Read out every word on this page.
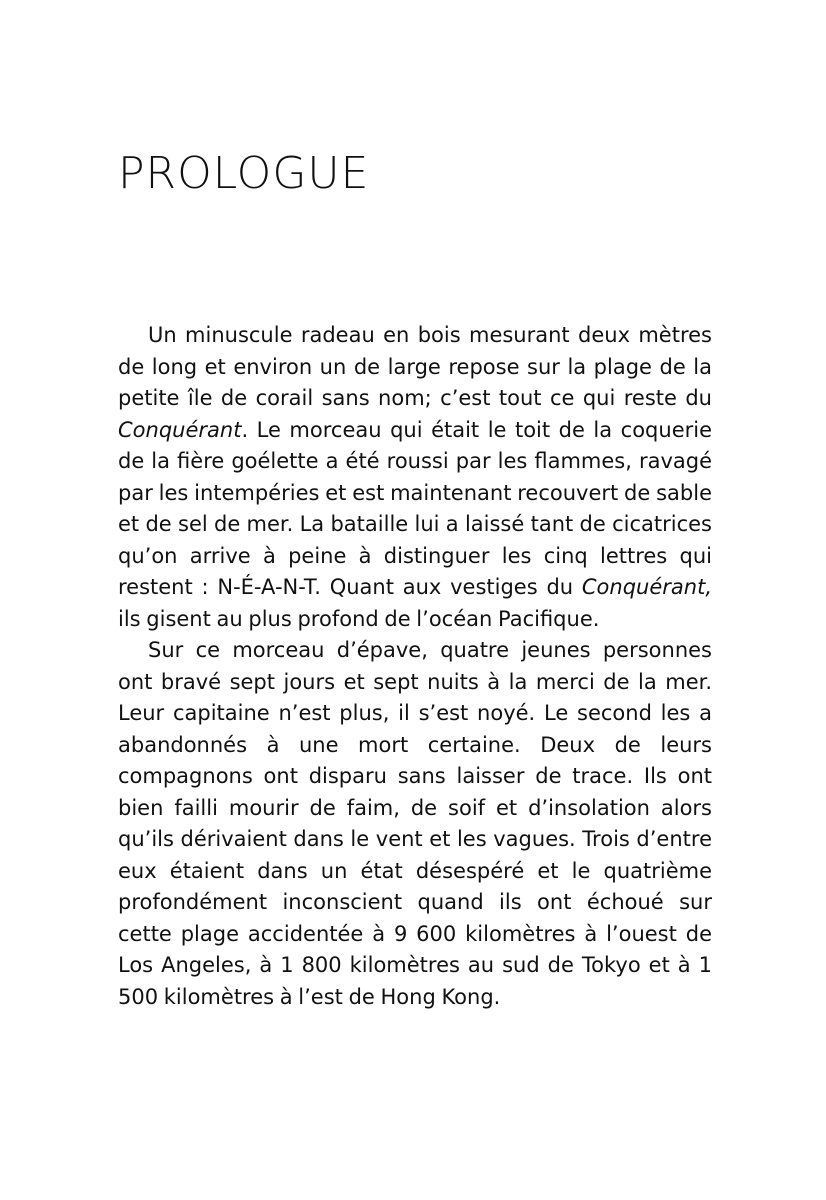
PROLOGUE

Un minuscule radeau en bois mesurant deux mètres de long et environ un de large repose sur la plage de la petite île de corail sans nom; c’est tout ce qui reste du Conquérant. Le morceau qui était le toit de la coquerie de la fière goélette a été roussi par les flammes, ravagé par les intempéries et est maintenant recouvert de sable et de sel de mer. La bataille lui a laissé tant de cicatrices qu’on arrive à peine à distinguer les cinq lettres qui restent : N-É-A-N-T. Quant aux vestiges du Conquérant, ils gisent au plus profond de l’océan Pacifique.

Sur ce morceau d’épave, quatre jeunes personnes ont bravé sept jours et sept nuits à la merci de la mer. Leur capitaine n’est plus, il s’est noyé. Le second les a abandonnés à une mort certaine. Deux de leurs compagnons ont disparu sans laisser de trace. Ils ont bien failli mourir de faim, de soif et d’insolation alors qu’ils dérivaient dans le vent et les vagues. Trois d’entre eux étaient dans un état désespéré et le quatrième profondément inconscient quand ils ont échoué sur cette plage accidentée à 9 600 kilomètres à l’ouest de Los Angeles, à 1 800 kilomètres au sud de Tokyo et à 1 500 kilomètres à l’est de Hong Kong.
